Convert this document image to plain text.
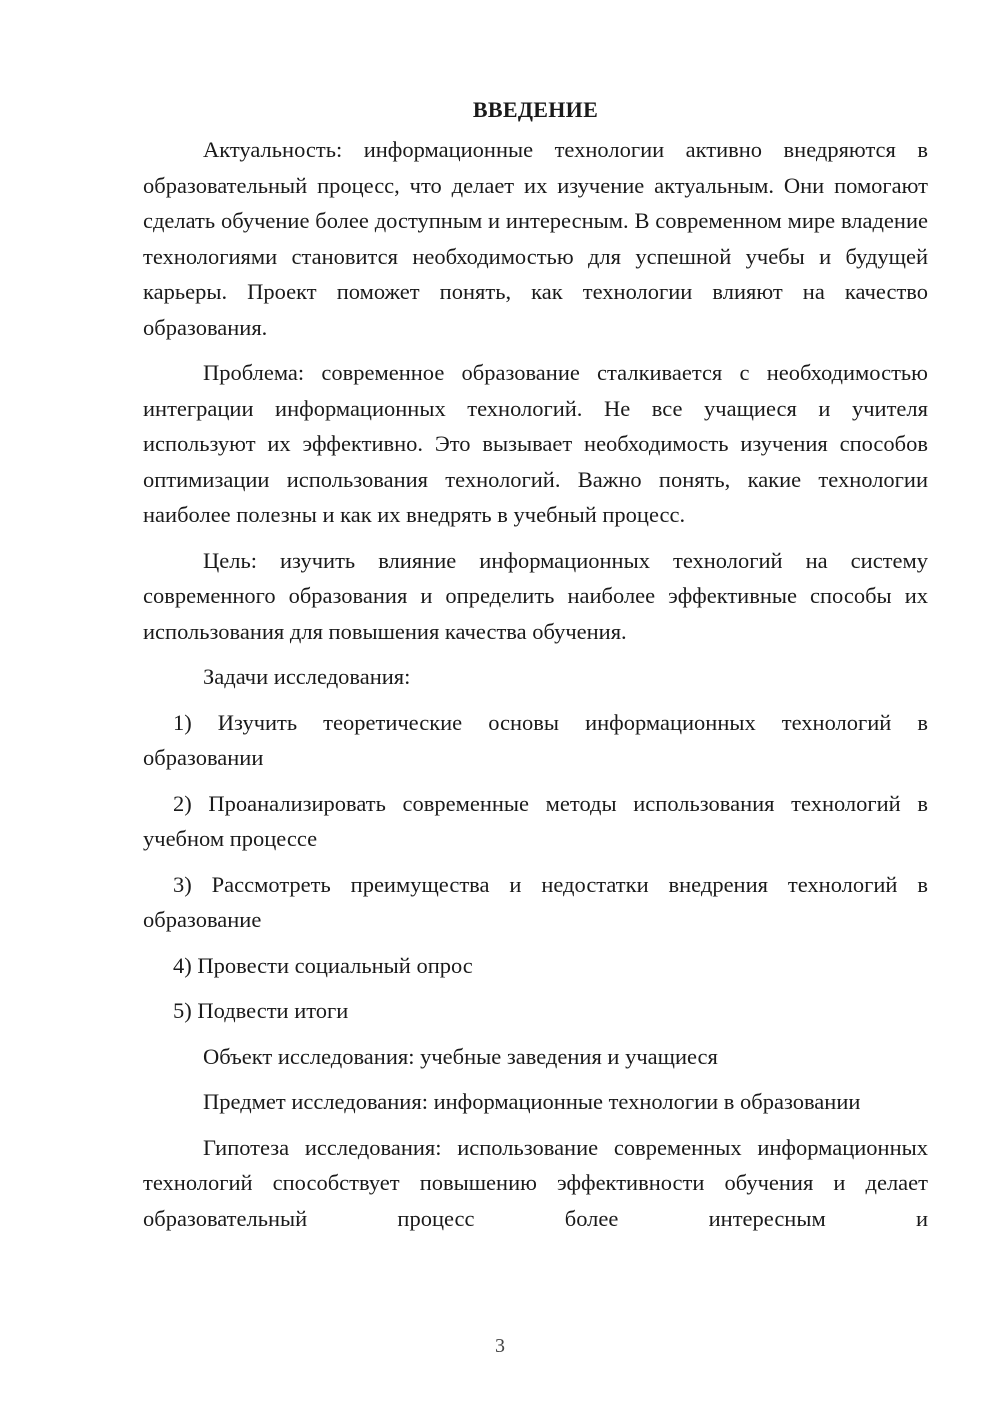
ВВЕДЕНИЕ

Актуальность: информационные технологии активно внедряются в образовательный процесс, что делает их изучение актуальным. Они помогают сделать обучение более доступным и интересным. В современном мире владение технологиями становится необходимостью для успешной учебы и будущей карьеры. Проект поможет понять, как технологии влияют на качество образования.

Проблема: современное образование сталкивается с необходимостью интеграции информационных технологий. Не все учащиеся и учителя используют их эффективно. Это вызывает необходимость изучения способов оптимизации использования технологий. Важно понять, какие технологии наиболее полезны и как их внедрять в учебный процесс.

Цель: изучить влияние информационных технологий на систему современного образования и определить наиболее эффективные способы их использования для повышения качества обучения.

Задачи исследования:

1) Изучить теоретические основы информационных технологий в образовании

2) Проанализировать современные методы использования технологий в учебном процессе

3) Рассмотреть преимущества и недостатки внедрения технологий в образование

4) Провести социальный опрос

5) Подвести итоги

Объект исследования: учебные заведения и учащиеся

Предмет исследования: информационные технологии в образовании

Гипотеза исследования: использование современных информационных технологий способствует повышению эффективности обучения и делает образовательный процесс более интересным и

3
